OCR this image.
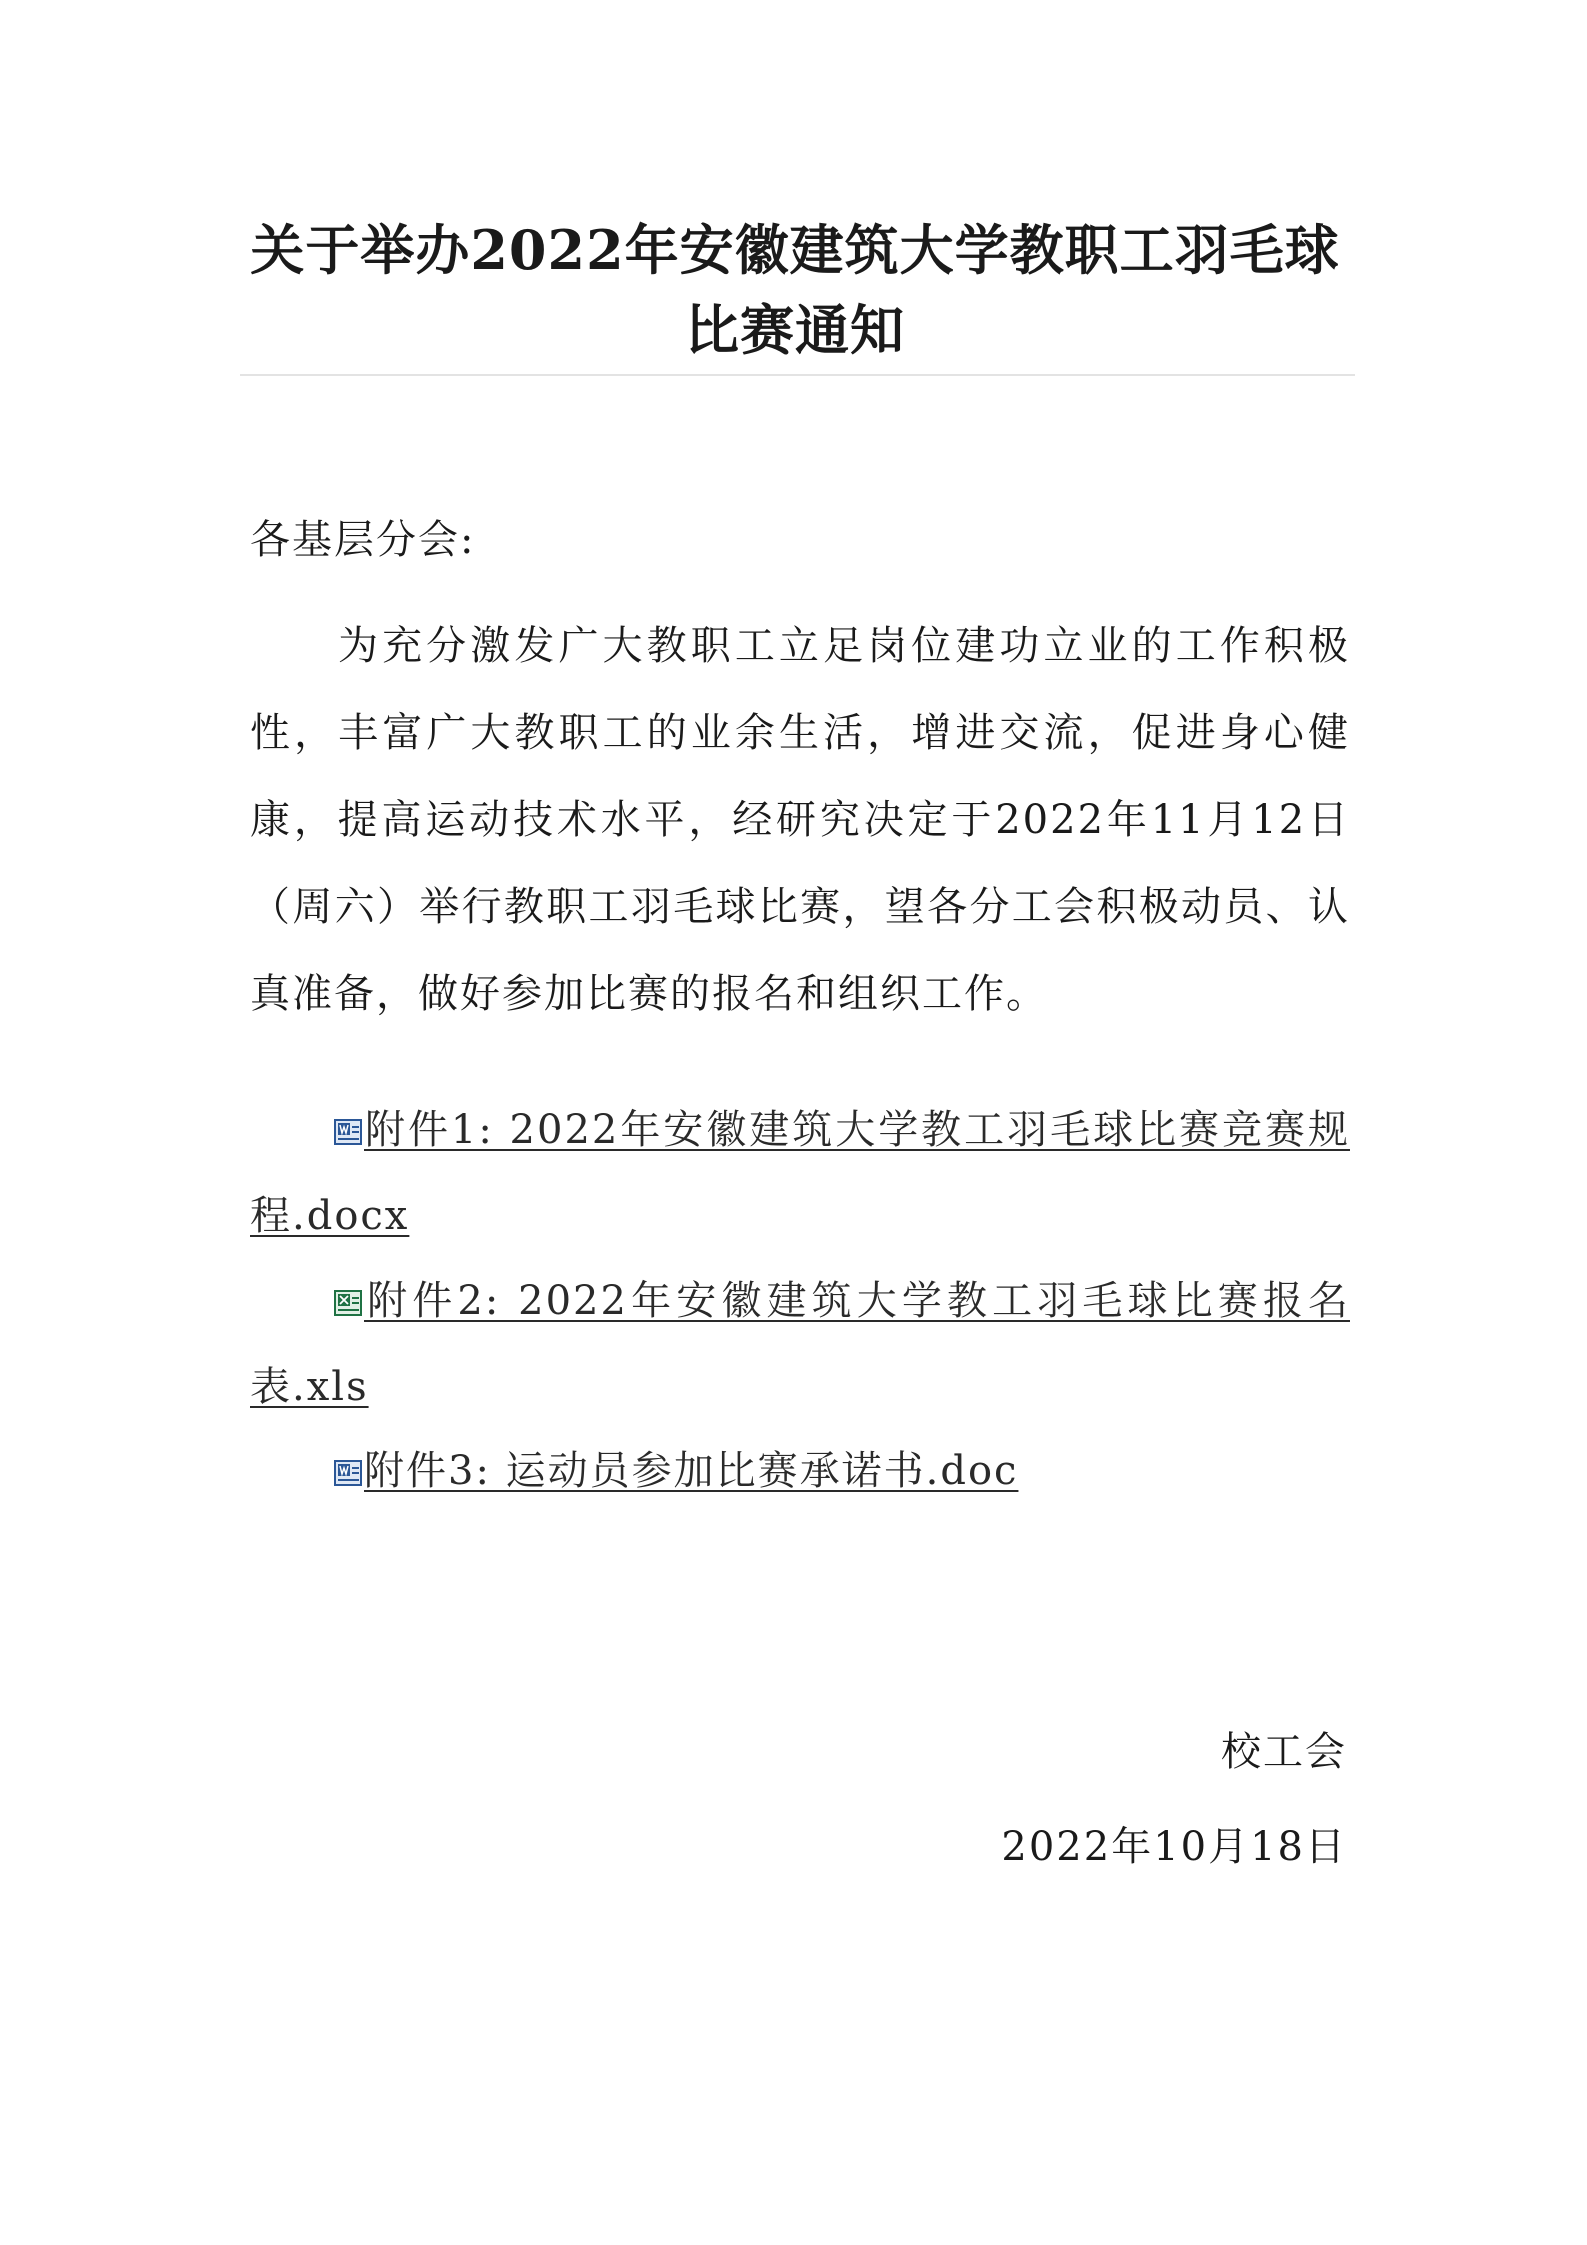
关于举办2022年安徽建筑大学教职工羽毛球比赛通知
各基层分会:
为充分激发广大教职工立足岗位建功立业的工作积极性，丰富广大教职工的业余生活，增进交流，促进身心健康，提高运动技术水平，经研究决定于2022年11月12日（周六）举行教职工羽毛球比赛，望各分工会积极动员、认真准备，做好参加比赛的报名和组织工作。
附件1: 2022年安徽建筑大学教工羽毛球比赛竞赛规程.docx
附件2: 2022年安徽建筑大学教工羽毛球比赛报名表.xls
附件3: 运动员参加比赛承诺书.doc
校工会
2022年10月18日
